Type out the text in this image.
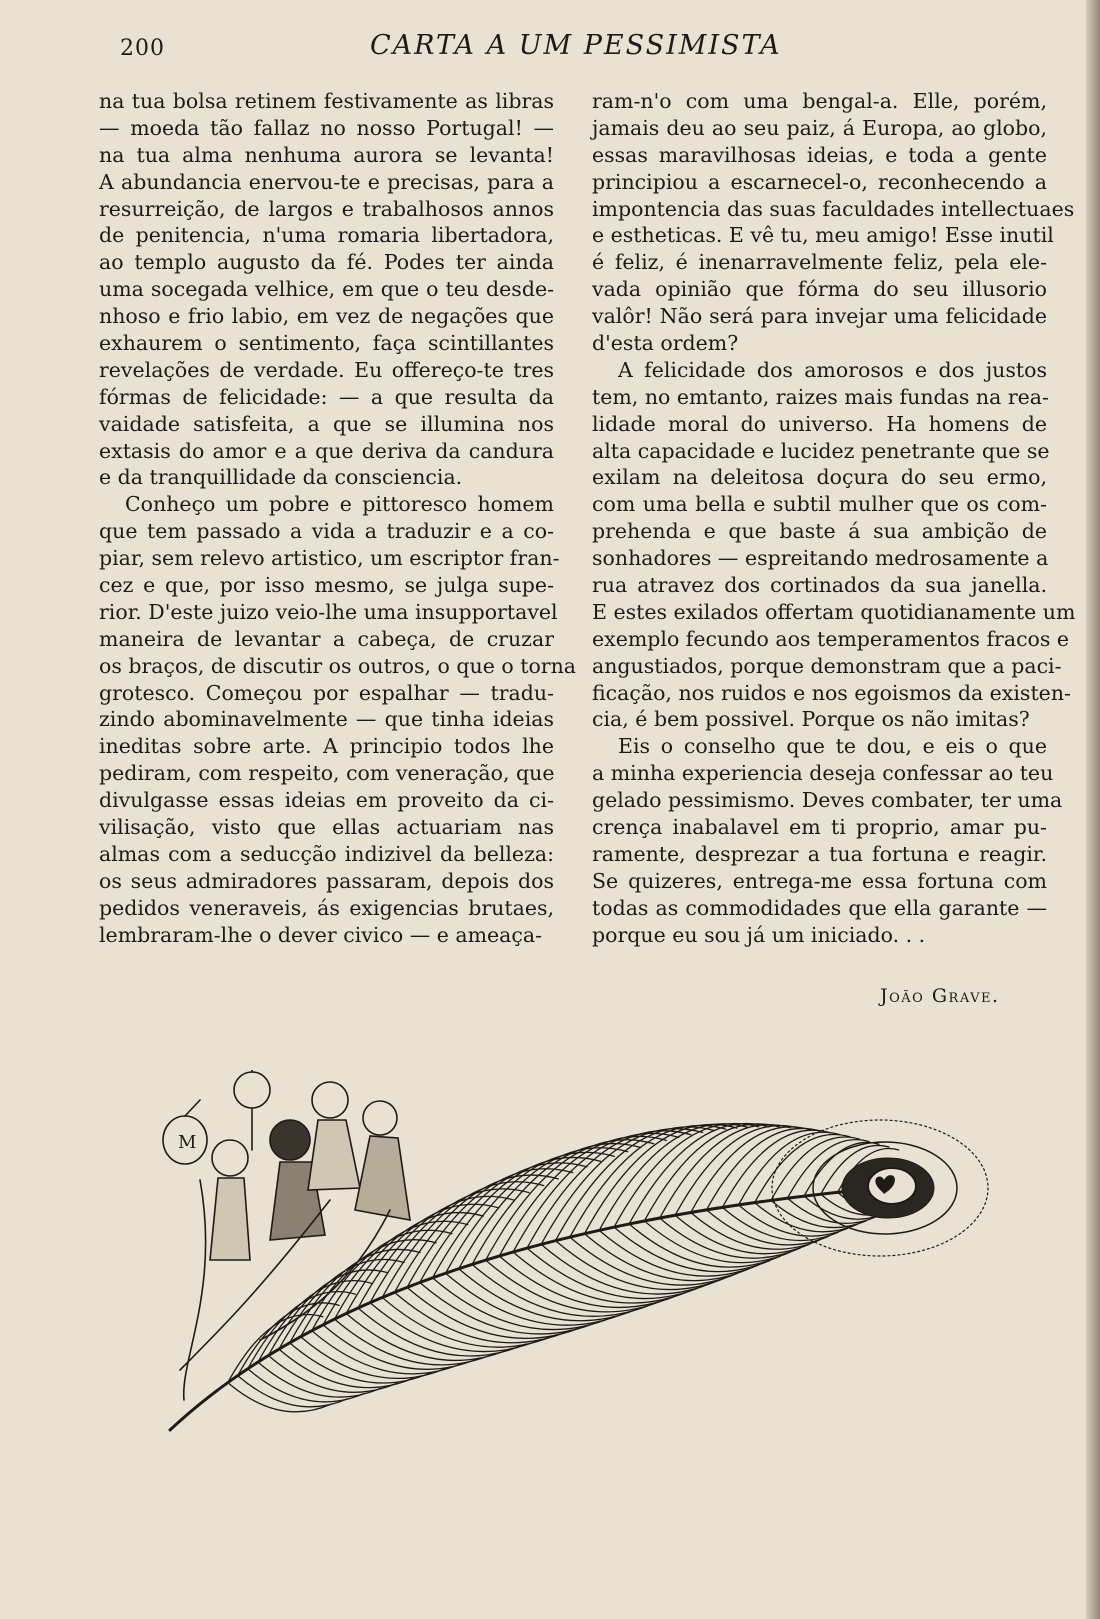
200	CARTA A UM PESSIMISTA
na tua bolsa retinem festivamente as libras
— moeda tão fallaz no nosso Portugal! —
na tua alma nenhuma aurora se levanta!
A abundancia enervou-te e precisas, para a
resurreição, de largos e trabalhosos annos
de penitencia, n'uma romaria libertadora,
ao templo augusto da fé. Podes ter ainda
uma socegada velhice, em que o teu desde-
nhoso e frio labio, em vez de negações que
exhaurem o sentimento, faça scintillantes
revelações de verdade. Eu offereço-te tres
fórmas de felicidade: — a que resulta da
vaidade satisfeita, a que se illumina nos
extasis do amor e a que deriva da candura
e da tranquillidade da consciencia.
Conheço um pobre e pittoresco homem
que tem passado a vida a traduzir e a co-
piar, sem relevo artistico, um escriptor fran-
cez e que, por isso mesmo, se julga supe-
rior. D'este juizo veio-lhe uma insupportavel
maneira de levantar a cabeça, de cruzar
os braços, de discutir os outros, o que o torna
grotesco. Começou por espalhar — tradu-
zindo abominavelmente — que tinha ideias
ineditas sobre arte. A principio todos lhe
pediram, com respeito, com veneração, que
divulgasse essas ideias em proveito da ci-
vilisação, visto que ellas actuariam nas
almas com a seducção indizivel da belleza:
os seus admiradores passaram, depois dos
pedidos veneraveis, ás exigencias brutaes,
lembraram-lhe o dever civico — e ameaça-
ram-n'o com uma bengal-a. Elle, porém,
jamais deu ao seu paiz, á Europa, ao globo,
essas maravilhosas ideias, e toda a gente
principiou a escarnecel-o, reconhecendo a
impontencia das suas faculdades intellectuaes
e estheticas. E vê tu, meu amigo! Esse inutil
é feliz, é inenarravelmente feliz, pela ele-
vada opinião que fórma do seu illusorio
valôr! Não será para invejar uma felicidade
d'esta ordem?
A felicidade dos amorosos e dos justos
tem, no emtanto, raizes mais fundas na rea-
lidade moral do universo. Ha homens de
alta capacidade e lucidez penetrante que se
exilam na deleitosa doçura do seu ermo,
com uma bella e subtil mulher que os com-
prehenda e que baste á sua ambição de
sonhadores — espreitando medrosamente a
rua atravez dos cortinados da sua janella.
E estes exilados offertam quotidianamente um
exemplo fecundo aos temperamentos fracos e
angustiados, porque demonstram que a paci-
ficação, nos ruidos e nos egoismos da existen-
cia, é bem possivel. Porque os não imitas?
Eis o conselho que te dou, e eis o que
a minha experiencia deseja confessar ao teu
gelado pessimismo. Deves combater, ter uma
crença inabalavel em ti proprio, amar pu-
ramente, desprezar a tua fortuna e reagir.
Se quizeres, entrega-me essa fortuna com
todas as commodidades que ella garante —
porque eu sou já um iniciado. . .
João Grave.
M
